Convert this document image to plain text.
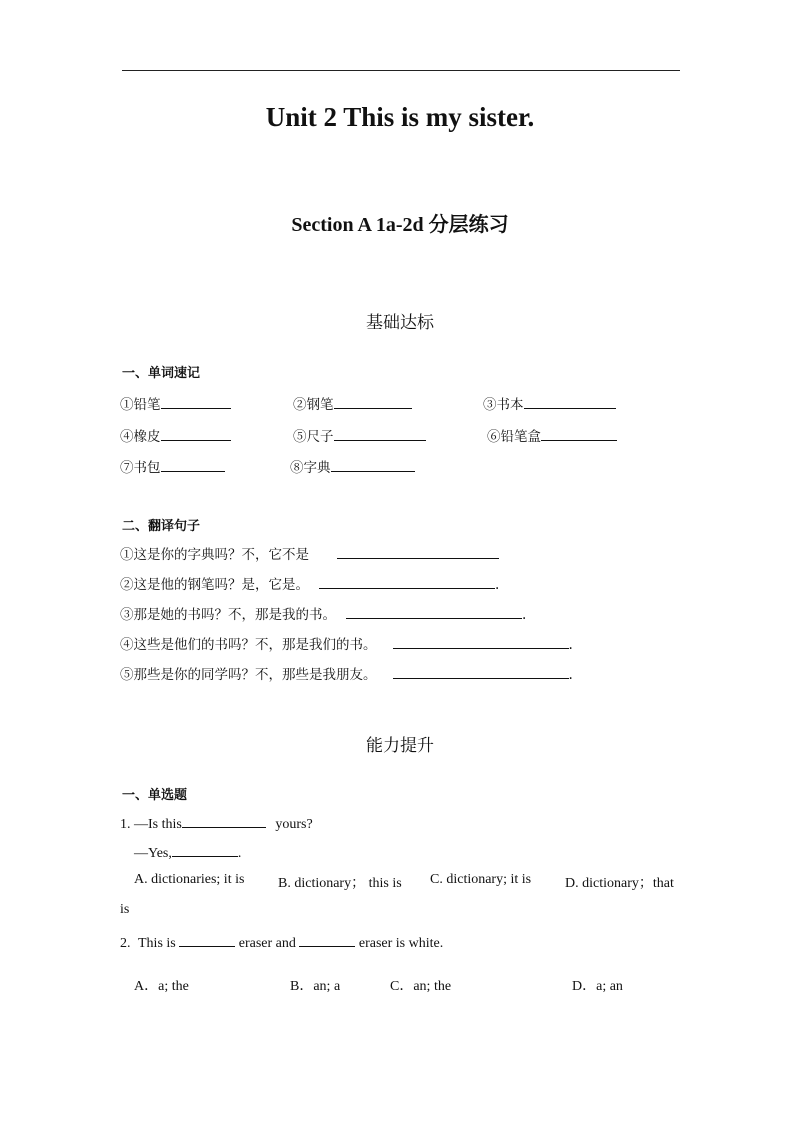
Unit 2 This is my sister.
Section A 1a-2d 分层练习
基础达标
一、单词速记
①铅笔	②钢笔	③书本
④橡皮	⑤尺子	⑥铅笔盒
⑦书包	⑧字典
二、翻译句子
①这是你的字典吗？不，它不是
②这是他的钢笔吗？是，它是。	.
③那是她的书吗？不，那是我的书。	.
④这些是他们的书吗？不，那是我们的书。	.
⑤那些是你的同学吗？不，那些是我朋友。	.
能力提升
一、单选题
1. —Is this	yours?
—Yes,	.
A. dictionaries; it is B. dictionary； this is C. dictionary; it is D. dictionary；that
is
2. This is	eraser and	eraser is white.
A．a; the	B．an; a	C．an; the	D．a; an
